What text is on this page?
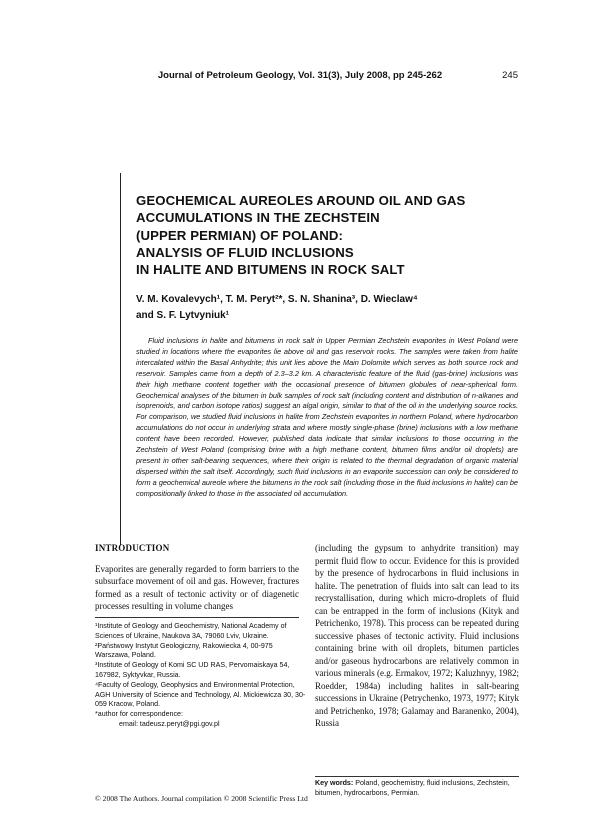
Journal of Petroleum Geology, Vol. 31(3), July 2008, pp 245-262	245
GEOCHEMICAL AUREOLES AROUND OIL AND GAS
ACCUMULATIONS IN THE ZECHSTEIN
(UPPER PERMIAN) OF POLAND:
ANALYSIS OF FLUID INCLUSIONS
IN HALITE AND BITUMENS IN ROCK SALT
V. M. Kovalevych¹, T. M. Peryt²*, S. N. Shanina³, D. Wieclaw⁴
and S. F. Lytvyniuk¹
Fluid inclusions in halite and bitumens in rock salt in Upper Permian Zechstein evaporites in West Poland were studied in locations where the evaporites lie above oil and gas reservoir rocks. The samples were taken from halite intercalated within the Basal Anhydrite; this unit lies above the Main Dolomite which serves as both source rock and reservoir. Samples came from a depth of 2.3–3.2 km. A characteristic feature of the fluid (gas-brine) inclusions was their high methane content together with the occasional presence of bitumen globules of near-spherical form. Geochemical analyses of the bitumen in bulk samples of rock salt (including content and distribution of n-alkanes and isoprenoids, and carbon isotope ratios) suggest an algal origin, similar to that of the oil in the underlying source rocks. For comparison, we studied fluid inclusions in halite from Zechstein evaporites in northern Poland, where hydrocarbon accumulations do not occur in underlying strata and where mostly single-phase (brine) inclusions with a low methane content have been recorded. However, published data indicate that similar inclusions to those occurring in the Zechstein of West Poland (comprising brine with a high methane content, bitumen films and/or oil droplets) are present in other salt-bearing sequences, where their origin is related to the thermal degradation of organic material dispersed within the salt itself. Accordingly, such fluid inclusions in an evaporite succession can only be considered to form a geochemical aureole where the bitumens in the rock salt (including those in the fluid inclusions in halite) can be compositionally linked to those in the associated oil accumulation.
INTRODUCTION
Evaporites are generally regarded to form barriers to the subsurface movement of oil and gas. However, fractures formed as a result of tectonic activity or of diagenetic processes resulting in volume changes

¹Institute of Geology and Geochemistry, National Academy of Sciences of Ukraine, Naukova 3A, 79060 Lviv, Ukraine.

²Państwowy Instytut Geologiczny, Rakowiecka 4, 00-975 Warszawa, Poland.

³Institute of Geology of Komi SC UD RAS, Pervomaiskaya 54, 167982, Syktyvkar, Russia.

⁴Faculty of Geology, Geophysics and Environmental Protection, AGH University of Science and Technology, Al. Mickiewicza 30, 30-059 Kracow, Poland.

*author for correspondence:

email: tadeusz.peryt@pgi.gov.pl

(including the gypsum to anhydrite transition) may permit fluid flow to occur. Evidence for this is provided by the presence of hydrocarbons in fluid inclusions in halite. The penetration of fluids into salt can lead to its recrystallisation, during which micro-droplets of fluid can be entrapped in the form of inclusions (Kityk and Petrichenko, 1978). This process can be repeated during successive phases of tectonic activity. Fluid inclusions containing brine with oil droplets, bitumen particles and/or gaseous hydrocarbons are relatively common in various minerals (e.g. Ermakov, 1972; Kaluzhnyy, 1982; Roedder, 1984a) including halites in salt-bearing successions in Ukraine (Petrychenko, 1973, 1977; Kityk and Petrichenko, 1978; Galamay and Baranenko, 2004), Russia
Key words: Poland, geochemistry, fluid inclusions, Zechstein, bitumen, hydrocarbons, Permian.
© 2008 The Authors. Journal compilation © 2008 Scientific Press Ltd
